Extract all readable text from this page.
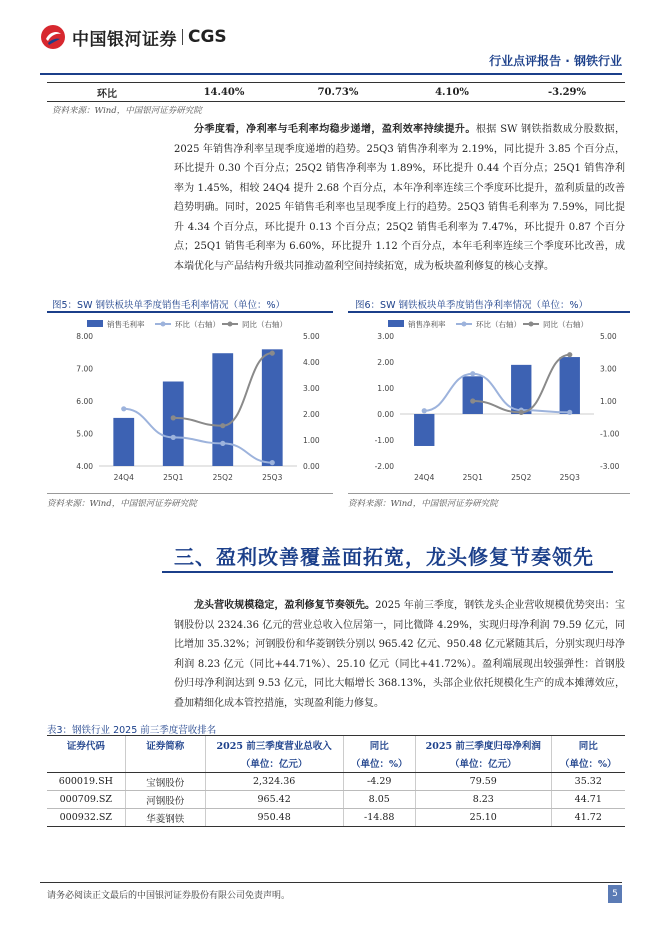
中国银河证券 CGS
行业点评报告 · 钢铁行业
环比	14.40%	70.73%	4.10%	-3.29%
资料来源：Wind，中国银河证券研究院

分季度看，净利率与毛利率均稳步递增，盈利效率持续提升。根据 SW 钢铁指数成分股数据，2025 年销售净利率呈现季度递增的趋势。25Q3 销售净利率为 2.19%，同比提升 3.85 个百分点，环比提升 0.30 个百分点；25Q2 销售净利率为 1.89%，环比提升 0.44 个百分点；25Q1 销售净利率为 1.45%，相较 24Q4 提升 2.68 个百分点，本年净利率连续三个季度环比提升，盈利质量的改善趋势明确。同时，2025 年销售毛利率也呈现季度上行的趋势。25Q3 销售毛利率为 7.59%，同比提升 4.34 个百分点，环比提升 0.13 个百分点；25Q2 销售毛利率为 7.47%，环比提升 0.87 个百分点；25Q1 销售毛利率为 6.60%，环比提升 1.12 个百分点，本年毛利率连续三个季度环比改善，成本端优化与产品结构升级共同推动盈利空间持续拓宽，成为板块盈利修复的核心支撑。

图5：SW 钢铁板块单季度销售毛利率情况（单位：%）
销售毛利率	环比（右轴）	同比（右轴）
4.00
5.00
6.00
7.00
8.00
0.00
1.00
2.00
3.00
4.00
5.00
24Q4	25Q1	25Q2	25Q3
资料来源：Wind，中国银河证券研究院
图6：SW 钢铁板块单季度销售净利率情况（单位：%）
销售净利率	环比（右轴）	同比（右轴）
-2.00
-1.00
0.00
1.00
2.00
3.00
-3.00
-1.00
1.00
3.00
5.00
24Q4	25Q1	25Q2	25Q3
资料来源：Wind，中国银河证券研究院
三、盈利改善覆盖面拓宽，龙头修复节奏领先

龙头营收规模稳定，盈利修复节奏领先。2025 年前三季度，钢铁龙头企业营收规模优势突出：宝钢股份以 2324.36 亿元的营业总收入位居第一，同比微降 4.29%，实现归母净利润 79.59 亿元，同比增加 35.32%；河钢股份和华菱钢铁分别以 965.42 亿元、950.48 亿元紧随其后，分别实现归母净利润 8.23 亿元（同比+44.71%）、25.10 亿元（同比+41.72%）。盈利端展现出较强弹性：首钢股份归母净利润达到 9.53 亿元，同比大幅增长 368.13%，头部企业依托规模化生产的成本摊薄效应，叠加精细化成本管控措施，实现盈利能力修复。

表3：钢铁行业 2025 前三季度营收排名
证券代码	证券简称	2025 前三季度营业总收入	同比	2025 前三季度归母净利润	同比
		（单位：亿元）	（单位：%）	（单位：亿元）	（单位：%）
600019.SH	宝钢股份	2,324.36	-4.29	79.59	35.32
000709.SZ	河钢股份	965.42	8.05	8.23	44.71
000932.SZ	华菱钢铁	950.48	-14.88	25.10	41.72
请务必阅读正文最后的中国银河证券股份有限公司免责声明。	5
